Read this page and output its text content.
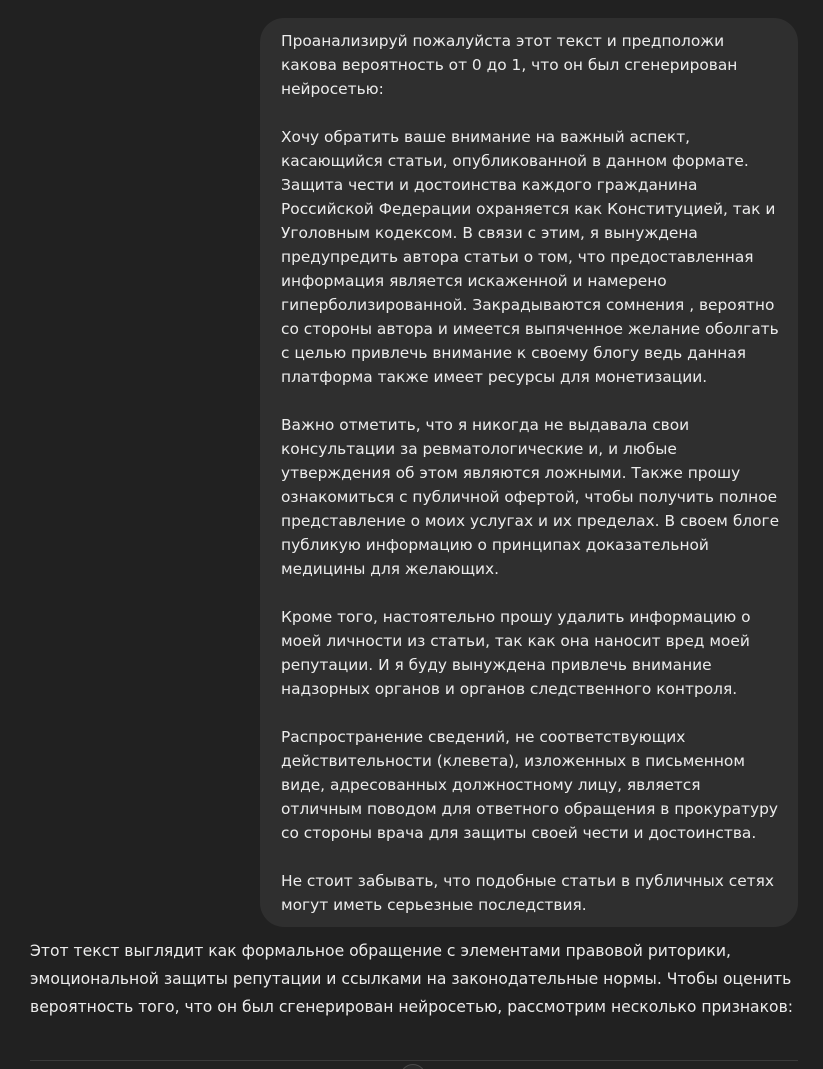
Проанализируй пожалуйста этот текст и предположи какова вероятность от 0 до 1, что он был сгенерирован нейросетью:

Хочу обратить ваше внимание на важный аспект, касающийся статьи, опубликованной в данном формате. Защита чести и достоинства каждого гражданина Российской Федерации охраняется как Конституцией, так и Уголовным кодексом. В связи с этим, я вынуждена предупредить автора статьи о том, что предоставленная информация является искаженной и намерено гиперболизированной. Закрадываются сомнения , вероятно со стороны автора и имеется выпяченное желание оболгать с целью привлечь внимание к своему блогу ведь данная платформа также имеет ресурсы для монетизации.

Важно отметить, что я никогда не выдавала свои консультации за ревматологические и, и любые утверждения об этом являются ложными. Также прошу ознакомиться с публичной офертой, чтобы получить полное представление о моих услугах и их пределах. В своем блоге публикую информацию о принципах доказательной медицины для желающих.

Кроме того, настоятельно прошу удалить информацию о моей личности из статьи, так как она наносит вред моей репутации. И я буду вынуждена привлечь внимание надзорных органов и органов следственного контроля.

Распространение сведений, не соответствующих действительности (клевета), изложенных в письменном виде, адресованных должностному лицу, является отличным поводом для ответного обращения в прокуратуру со стороны врача для защиты своей чести и достоинства.

Не стоит забывать, что подобные статьи в публичных сетях могут иметь серьезные последствия.

Этот текст выглядит как формальное обращение с элементами правовой риторики, эмоциональной защиты репутации и ссылками на законодательные нормы. Чтобы оценить вероятность того, что он был сгенерирован нейросетью, рассмотрим несколько признаков:
